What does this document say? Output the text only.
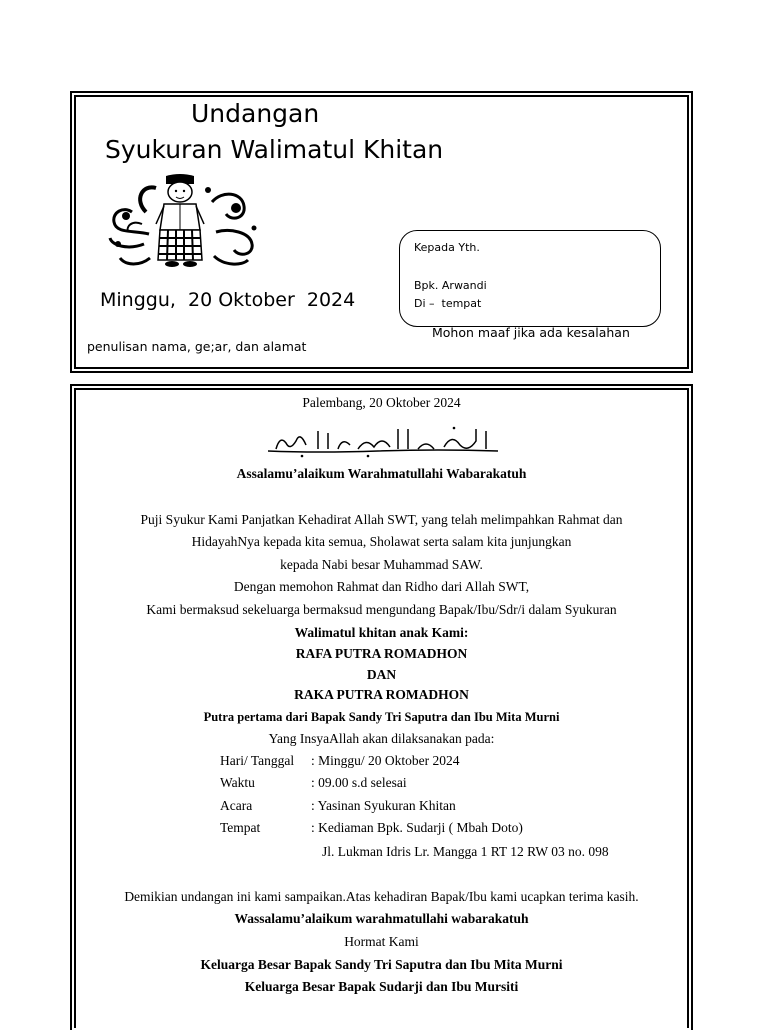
Undangan
Syukuran Walimatul Khitan
Minggu,  20 Oktober  2024
Kepada Yth.
Bpk. Arwandi
Di –  tempat
Mohon maaf jika ada kesalahan
penulisan nama, ge;ar, dan alamat
Palembang, 20 Oktober 2024
Assalamu’alaikum Warahmatullahi Wabarakatuh
Puji Syukur Kami Panjatkan Kehadirat Allah SWT, yang telah melimpahkan Rahmat dan
HidayahNya kepada kita semua, Sholawat serta salam kita junjungkan
kepada Nabi besar Muhammad SAW.
Dengan memohon Rahmat dan Ridho dari Allah SWT,
Kami bermaksud sekeluarga bermaksud mengundang Bapak/Ibu/Sdr/i dalam Syukuran
Walimatul khitan anak Kami:
RAFA PUTRA ROMADHON
DAN
RAKA PUTRA ROMADHON
Putra pertama dari Bapak Sandy Tri Saputra dan Ibu Mita Murni
Yang InsyaAllah akan dilaksanakan pada:
Hari/ Tanggal : Minggu/ 20 Oktober 2024
Waktu	: 09.00 s.d selesai
Acara	: Yasinan Syukuran Khitan
Tempat	: Kediaman Bpk. Sudarji ( Mbah Doto)
Jl. Lukman Idris Lr. Mangga 1 RT 12 RW 03 no. 098
Demikian undangan ini kami sampaikan.Atas kehadiran Bapak/Ibu kami ucapkan terima kasih.
Wassalamu’alaikum warahmatullahi wabarakatuh
Hormat Kami
Keluarga Besar Bapak Sandy Tri Saputra dan Ibu Mita Murni
Keluarga Besar Bapak Sudarji dan Ibu Mursiti
